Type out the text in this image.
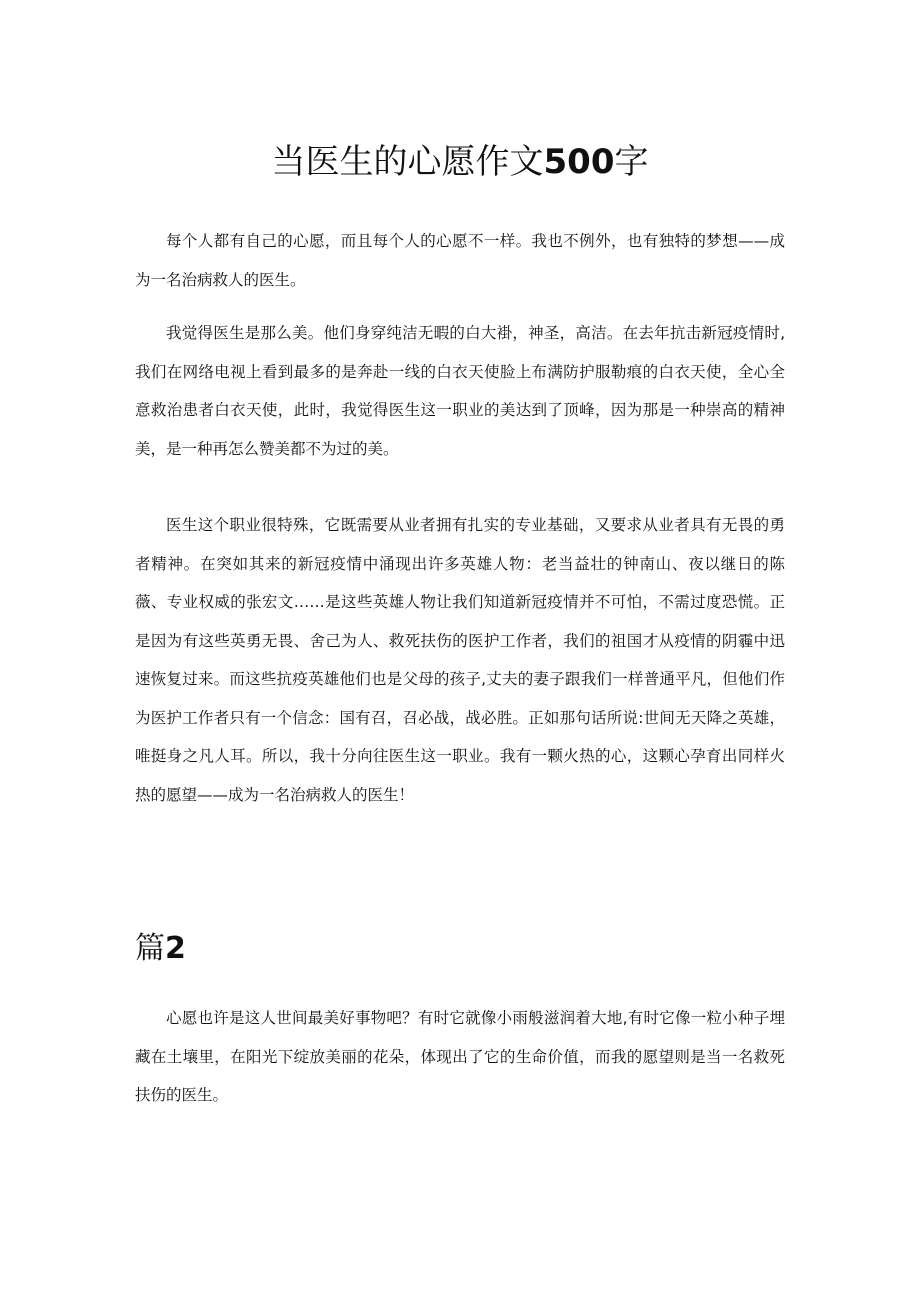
当医生的心愿作文500字

每个人都有自己的心愿，而且每个人的心愿不一样。我也不例外，也有独特的梦想——成为一名治病救人的医生。

我觉得医生是那么美。他们身穿纯洁无暇的白大褂，神圣，高洁。在去年抗击新冠疫情时,我们在网络电视上看到最多的是奔赴一线的白衣天使脸上布满防护服勒痕的白衣天使，全心全意救治患者白衣天使，此时，我觉得医生这一职业的美达到了顶峰，因为那是一种崇高的精神美，是一种再怎么赞美都不为过的美。

医生这个职业很特殊，它既需要从业者拥有扎实的专业基础，又要求从业者具有无畏的勇者精神。在突如其来的新冠疫情中涌现出许多英雄人物：老当益壮的钟南山、夜以继日的陈薇、专业权威的张宏文……是这些英雄人物让我们知道新冠疫情并不可怕，不需过度恐慌。正是因为有这些英勇无畏、舍己为人、救死扶伤的医护工作者，我们的祖国才从疫情的阴霾中迅速恢复过来。而这些抗疫英雄他们也是父母的孩子,丈夫的妻子跟我们一样普通平凡，但他们作为医护工作者只有一个信念：国有召，召必战，战必胜。正如那句话所说:世间无天降之英雄，唯挺身之凡人耳。所以，我十分向往医生这一职业。我有一颗火热的心，这颗心孕育出同样火热的愿望——成为一名治病救人的医生！

篇2

心愿也许是这人世间最美好事物吧？有时它就像小雨般滋润着大地,有时它像一粒小种子埋藏在土壤里，在阳光下绽放美丽的花朵，体现出了它的生命价值，而我的愿望则是当一名救死扶伤的医生。
